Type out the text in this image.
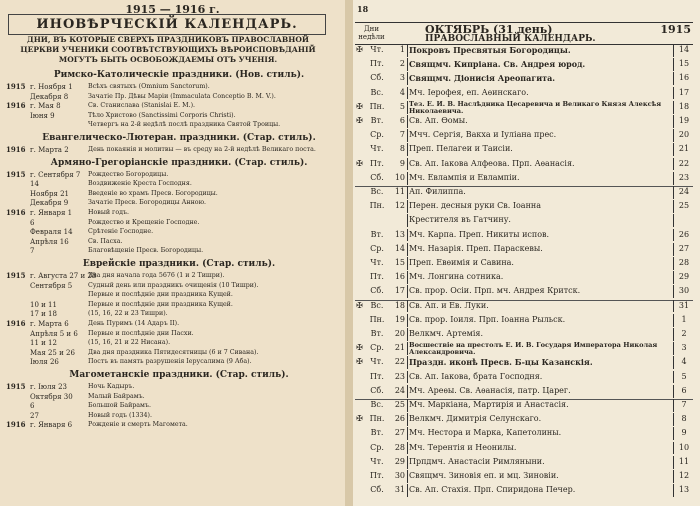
1915 — 1916 г.
ИНОВѢРЧЕСКІЙ КАЛЕНДАРЬ.
ДНИ, ВЪ КОТОРЫЕ СВЕРХЪ ПРАЗДНИКОВЪ ПРАВОСЛАВНОЙ ЦЕРКВИ УЧЕНИКИ СООТВѢТСТВУЮЩИХЪ ВѢРОИСПОВѢДАНІЙ МОГУТЪ БЫТЬ ОСВОБОЖДАЕМЫ ОТЪ УЧЕНІЯ.
Римско-Католическіе праздники. (Нов. стиль).
1915 г. Ноября 1	Всѣхъ святыхъ (Omnium Sanctorum).
Декабря 8	Зачатіе Пр. Дѣвы Маріи (Immaculata Conceptio B. M. V.).
1916 г. Мая 8	Св. Станислава (Stanislai E. M.).
Іюня 9	Тѣло Христово (Sanctissimi Corporis Christi).
Четвергъ на 2-й недѣлѣ послѣ праздника Святой Троицы.
Евангелическо-Лютеран. праздники. (Стар. стиль).
1916 г. Марта 2	День покаянія и молитвы — въ среду на 2-й недѣлѣ Великаго поста.
Армяно-Грегоріанскіе праздники. (Стар. стиль).
1915 г. Сентября 7	Рождество Богородицы.
14	Воздвиженіе Креста Господня.
Ноября 21	Введеніе во храмъ Пресв. Богородицы.
Декабря 9	Зачатіе Пресв. Богородицы Анною.
1916 г. Января 1	Новый годъ.
6	Рождество и Крещеніе Господне.
Февраля 14	Срѣтеніе Господне.
Апрѣля 16	Св. Пасха.
7	Благовѣщеніе Пресв. Богородицы.
Еврейскіе праздники. (Стар. стиль).
1915 г. Августа 27 и 28
Два дня начала года 5676 (1 и 2 Тишри).
Сентября 5	Судный день или праздникъ очищенія (10 Тишри).
Первые и послѣдніе дни праздника Кущей.
10 и 11	Первые и послѣдніе дни праздника Кущей.
17 и 18	(15, 16, 22 и 23 Тишри).
1916 г. Марта 6	День Пуримъ (14 Адаръ II).
Апрѣля 5 и 6	Первые и послѣдніе дни Пасхи.
11 и 12	(15, 16, 21 и 22 Нисана).
Мая 25 и 26	Два дня праздника Пятидесятницы (6 и 7 Сивана).
Іюля 26	Постъ въ память разрушенія Іерусалима (9 Аба).
Магометанскіе праздники. (Стар. стиль).
1915 г. Іюля 23	Ночь Кадыръ.
Октября 30	Малый Байрамъ.
6	Большой Байрамъ.
27	Новый годъ (1334).
1916 г. Января 6	Рожденіе и смерть Магомета.
18
Дни недѣли
ОКТЯБРЬ (31 день)	1915
ПРАВОСЛАВНЫЙ КАЛЕНДАРЬ.
✠ Чт.	1 Покровъ Пресвятыя Богородицы.	14
Пт.	2 Свящмч. Кипріана. Св. Андрея юрод.	15
Сб.	3 Свящмч. Діонисія Ареопагита.	16
Вс.	4 Мч. Іерофея, еп. Аѳинскаго.	17
✠ Пн.	5 Тез. Е. И. В. Наслѣдника Цесаревича и Великаго Князя Алексѣя Николаевича.	18
✠ Вт.	6 Св. Ап. Ѳомы.	19
Ср.	7 Мчч. Сергія, Вакха и Іуліана прес.	20
Чт.	8 Преп. Пелагеи и Таисіи.	21
✠ Пт.	9 Св. Ап. Іакова Алфеова. Прп. Аѳанасія.	22
Сб.	10 Мч. Евлампія и Евлампіи.	23
Вс.	11 Ап. Филиппа.	24
Пн.	12 Перен. десныя руки Св. Іоанна	25
Крестителя въ Гатчину.
Вт.	13 Мч. Карпа. Преп. Никиты испов.	26
Ср.	14 Мч. Назарія. Преп. Параскевы.	27
Чт.	15 Преп. Евѳимія и Савина.	28
Пт.	16 Мч. Лонгина сотника.	29
Сб.	17 Св. прор. Осіи. Прп. мч. Андрея Критск.	30
✠ Вс.	18 Св. Ап. и Ев. Луки.	31
Пн.	19 Св. прор. Іоиля. Прп. Іоанна Рыльск.	1
Вт.	20 Велкмч. Артемія.	2
✠ Ср.	21 Восшествіе на престолъ Е. И. В. Государя Императора Николая Александровича.	3
✠ Чт.	22 Праздн. иконѣ Пресв. Б-цы Казанскія.	4
Пт.	23 Св. Ап. Іакова, брата Господня.	5
Сб.	24 Мч. Ареѳы. Св. Аѳанасія, патр. Царег.	6
Вс.	25 Мч. Маркіана, Мартирія и Анастасія.	7
✠ Пн.	26 Велкмч. Димитрія Селунскаго.	8
Вт.	27 Мч. Нестора и Марка, Капетолины.	9
Ср.	28 Мч. Терентія и Неонилы.	10
Чт.	29 Прпдмч. Анастасіи Римляныни.	11
Пт.	30 Свящмч. Зиновія еп. и мц. Зиновіи.	12
Сб.	31 Св. Ап. Стахія. Прп. Спиридона Печер.	13
